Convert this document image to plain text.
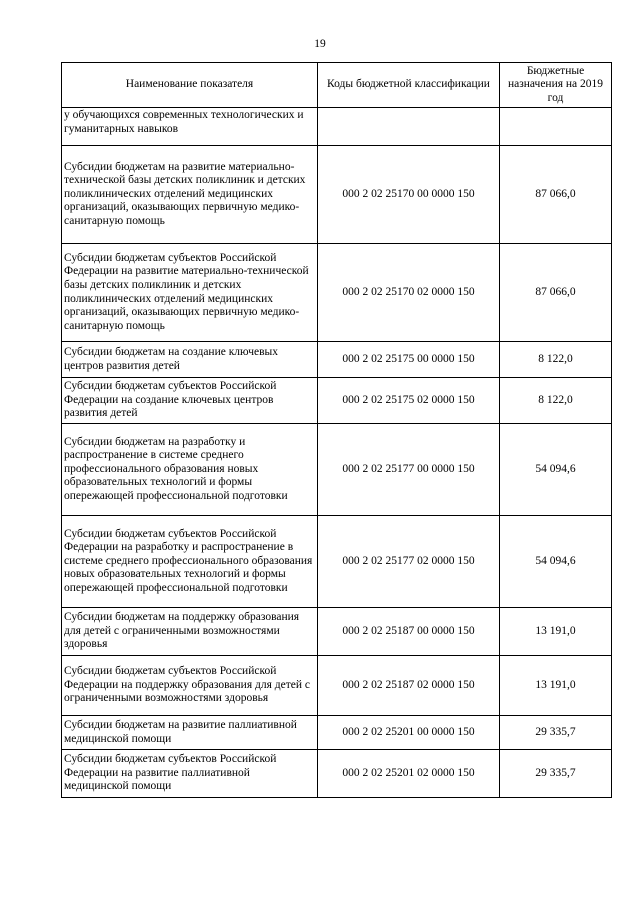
19
Наименование показателя	Коды бюджетной классификации	Бюджетные назначения на 2019 год
у обучающихся современных технологических и гуманитарных навыков		
Субсидии бюджетам на развитие материально-технической базы детских поликлиник и детских поликлинических отделений медицинских организаций, оказывающих первичную медико-санитарную помощь	000 2 02 25170 00 0000 150	87 066,0
Субсидии бюджетам субъектов Российской Федерации на развитие материально-технической базы детских поликлиник и детских поликлинических отделений медицинских организаций, оказывающих первичную медико-санитарную помощь	000 2 02 25170 02 0000 150	87 066,0
Субсидии бюджетам на создание ключевых центров развития детей	000 2 02 25175 00 0000 150	8 122,0
Субсидии бюджетам субъектов Российской Федерации на создание ключевых центров развития детей	000 2 02 25175 02 0000 150	8 122,0
Субсидии бюджетам на разработку и распространение в системе среднего профессионального образования новых образовательных технологий и формы опережающей профессиональной подготовки	000 2 02 25177 00 0000 150	54 094,6
Субсидии бюджетам субъектов Российской Федерации на разработку и распространение в системе среднего профессионального образования новых образовательных технологий и формы опережающей профессиональной подготовки	000 2 02 25177 02 0000 150	54 094,6
Субсидии бюджетам на поддержку образования для детей с ограниченными возможностями здоровья	000 2 02 25187 00 0000 150	13 191,0
Субсидии бюджетам субъектов Российской Федерации на поддержку образования для детей с ограниченными возможностями здоровья	000 2 02 25187 02 0000 150	13 191,0
Субсидии бюджетам на развитие паллиативной медицинской помощи	000 2 02 25201 00 0000 150	29 335,7
Субсидии бюджетам субъектов Российской Федерации на развитие паллиативной медицинской помощи	000 2 02 25201 02 0000 150	29 335,7
